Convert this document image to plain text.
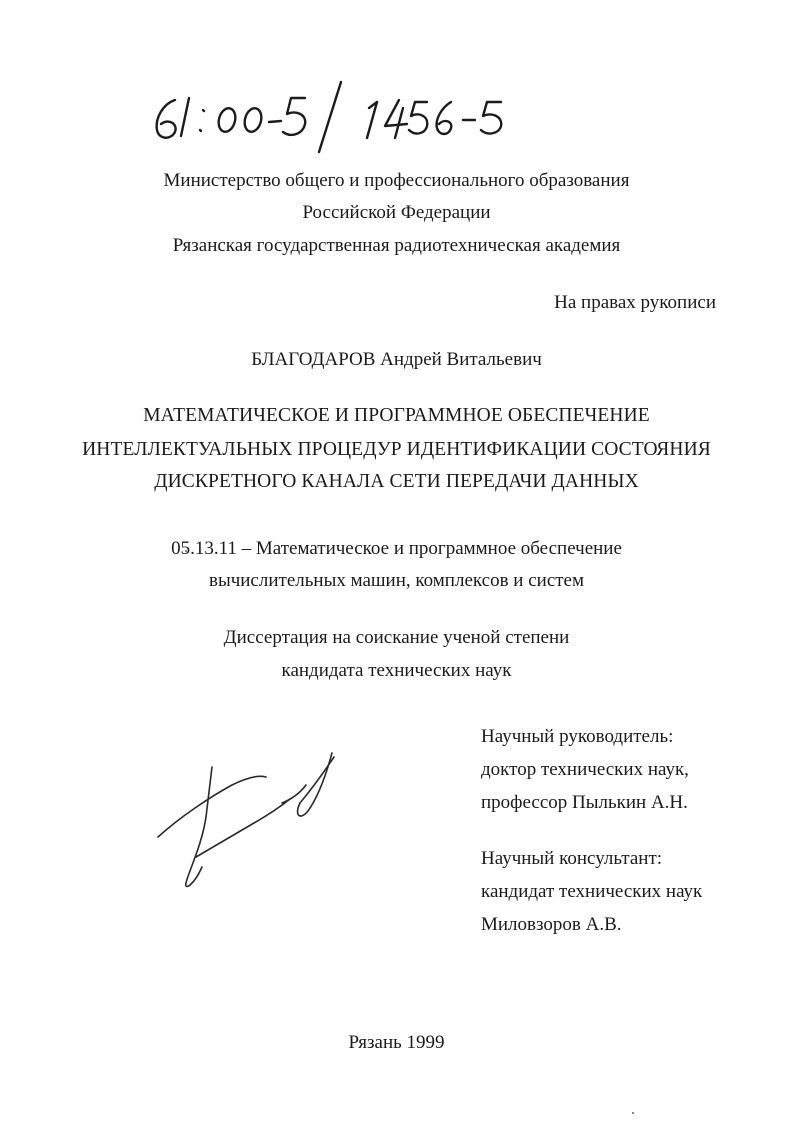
Министерство общего и профессионального образования
Российской Федерации
Рязанская государственная радиотехническая академия
На правах рукописи
БЛАГОДАРОВ Андрей Витальевич
МАТЕМАТИЧЕСКОЕ И ПРОГРАММНОЕ ОБЕСПЕЧЕНИЕ
ИНТЕЛЛЕКТУАЛЬНЫХ ПРОЦЕДУР ИДЕНТИФИКАЦИИ СОСТОЯНИЯ
ДИСКРЕТНОГО КАНАЛА СЕТИ ПЕРЕДАЧИ ДАННЫХ
05.13.11 – Математическое и программное обеспечение
вычислительных машин, комплексов и систем
Диссертация на соискание ученой степени
кандидата технических наук
Научный руководитель:
доктор технических наук,
профессор Пылькин А.Н.
Научный консультант:
кандидат технических наук
Миловзоров А.В.
Рязань 1999
